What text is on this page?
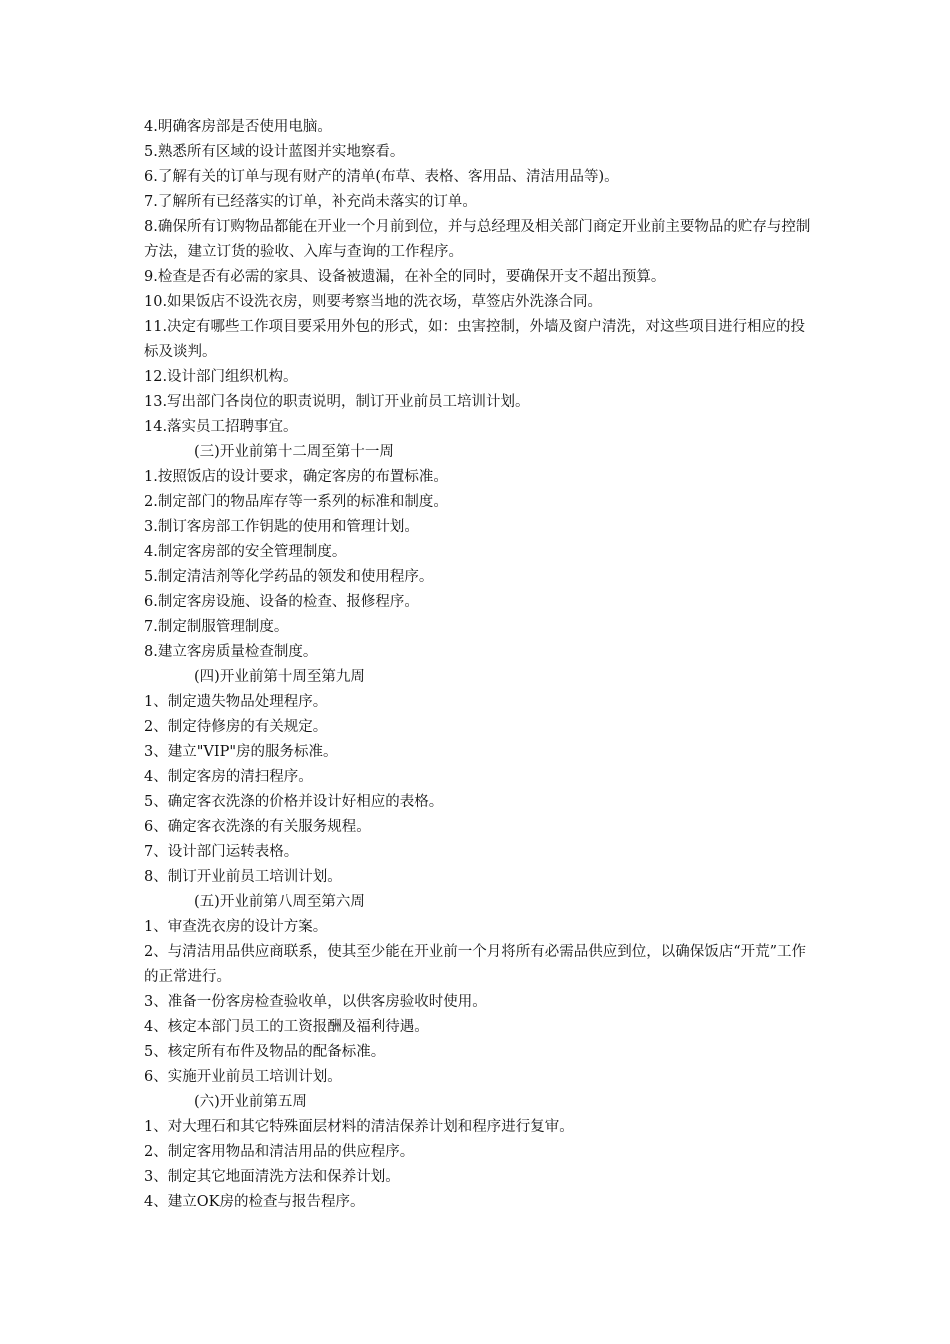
4.明确客房部是否使用电脑。
5.熟悉所有区域的设计蓝图并实地察看。
6.了解有关的订单与现有财产的清单(布草、表格、客用品、清洁用品等)。
7.了解所有已经落实的订单，补充尚未落实的订单。
8.确保所有订购物品都能在开业一个月前到位，并与总经理及相关部门商定开业前主要物品的贮存与控制方法，建立订货的验收、入库与查询的工作程序。
9.检查是否有必需的家具、设备被遗漏，在补全的同时，要确保开支不超出预算。
10.如果饭店不设洗衣房，则要考察当地的洗衣场，草签店外洗涤合同。
11.决定有哪些工作项目要采用外包的形式，如：虫害控制，外墙及窗户清洗，对这些项目进行相应的投标及谈判。
12.设计部门组织机构。
13.写出部门各岗位的职责说明，制订开业前员工培训计划。
14.落实员工招聘事宜。
(三)开业前第十二周至第十一周
1.按照饭店的设计要求，确定客房的布置标准。
2.制定部门的物品库存等一系列的标准和制度。
3.制订客房部工作钥匙的使用和管理计划。
4.制定客房部的安全管理制度。
5.制定清洁剂等化学药品的领发和使用程序。
6.制定客房设施、设备的检查、报修程序。
7.制定制服管理制度。
8.建立客房质量检查制度。
(四)开业前第十周至第九周
1、制定遗失物品处理程序。
2、制定待修房的有关规定。
3、建立"VIP"房的服务标准。
4、制定客房的清扫程序。
5、确定客衣洗涤的价格并设计好相应的表格。
6、确定客衣洗涤的有关服务规程。
7、设计部门运转表格。
8、制订开业前员工培训计划。
(五)开业前第八周至第六周
1、审查洗衣房的设计方案。
2、与清洁用品供应商联系，使其至少能在开业前一个月将所有必需品供应到位，以确保饭店“开荒”工作的正常进行。
3、准备一份客房检查验收单，以供客房验收时使用。
4、核定本部门员工的工资报酬及福利待遇。
5、核定所有布件及物品的配备标准。
6、实施开业前员工培训计划。
(六)开业前第五周
1、对大理石和其它特殊面层材料的清洁保养计划和程序进行复审。
2、制定客用物品和清洁用品的供应程序。
3、制定其它地面清洗方法和保养计划。
4、建立OK房的检查与报告程序。
